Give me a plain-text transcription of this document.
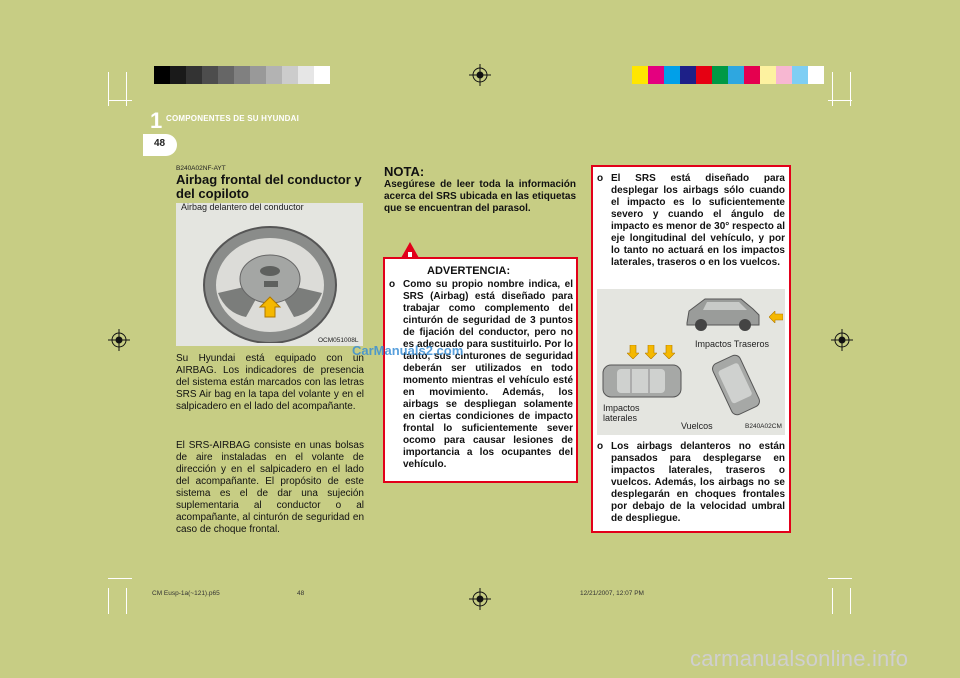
1 COMPONENTES DE SU HYUNDAI
48
B240A02NF-AYT
Airbag frontal del conductor y del copiloto
Airbag delantero del conductor
OCM051008L
Su Hyundai está equipado con un AIRBAG. Los indicadores de presencia del sistema están marcados con las letras SRS Air bag en la tapa del volante y en el salpicadero en el lado del acompañante.
El SRS-AIRBAG consiste en unas bolsas de aire instaladas en el volante de dirección y en el salpicadero en el lado del acompañante. El propósito de este sistema es el de dar una sujeción suplementaria al conductor o al acompañante, al cinturón de seguridad en caso de choque frontal.
NOTA:
Asegúrese de leer toda la información acerca del SRS ubicada en las etiquetas que se encuentran del parasol.
ADVERTENCIA:
o Como su propio nombre indica, el SRS (Airbag) está diseñado para trabajar como complemento del cinturón de seguridad de 3 puntos de fijación del conductor, pero no es adecuado para sustituirlo. Por lo tanto, sus cinturones de seguridad deberán ser utilizados en todo momento mientras el vehículo esté en movimiento. Además, los airbags se despliegan solamente en ciertas condiciones de impacto frontal lo suficientemente sever ocomo para causar lesiones de importancia a los ocupantes del vehículo.
CarManuals2.com
o El SRS está diseñado para desplegar los airbags sólo cuando el impacto es lo suficientemente severo y cuando el ángulo de impacto es menor de 30° respecto al eje longitudinal del vehículo, y por lo tanto no actuará en los impactos laterales, traseros o en los vuelcos.
Impactos Traseros
Impactos laterales
Vuelcos	B240A02CM
o Los airbags delanteros no están pansados para desplegarse en impactos laterales, traseros o vuelcos. Además, los airbags no se desplegarán en choques frontales por debajo de la velocidad umbral de despliegue.
CM Eusp-1a(~121).p65	48	12/21/2007, 12:07 PM
carmanualsonline.info
